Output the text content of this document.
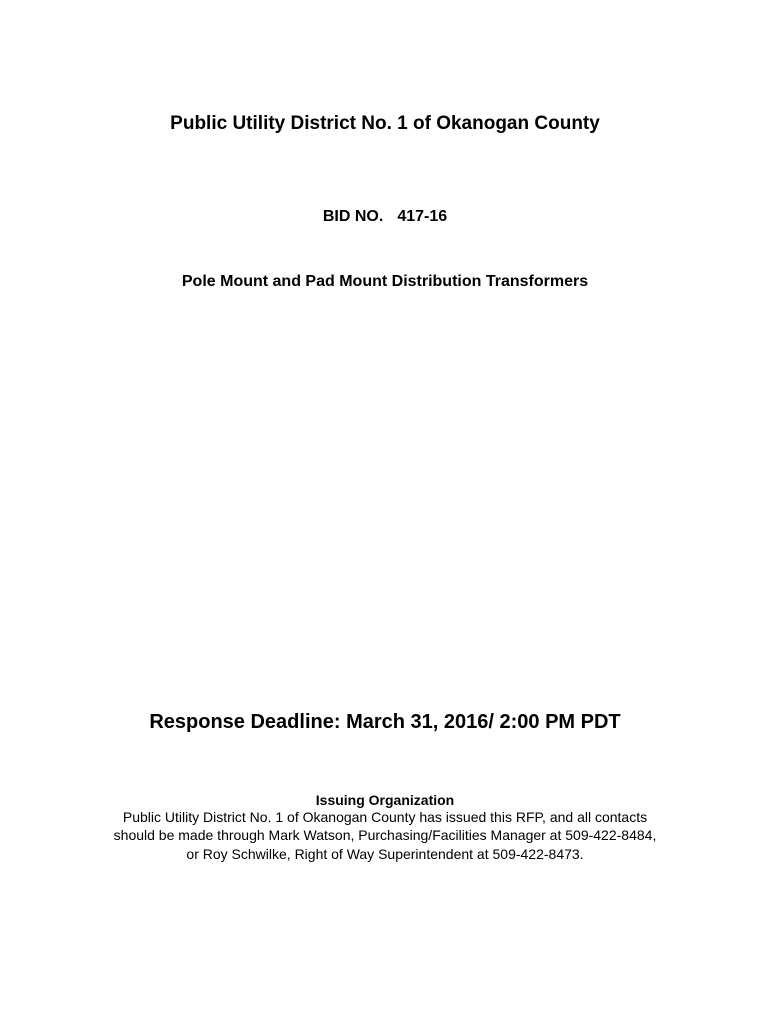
Public Utility District No. 1 of Okanogan County
BID NO. 417-16
Pole Mount and Pad Mount Distribution Transformers
Response Deadline: March 31, 2016/ 2:00 PM PDT
Issuing Organization
Public Utility District No. 1 of Okanogan County has issued this RFP, and all contacts
should be made through Mark Watson, Purchasing/Facilities Manager at 509-422-8484,
or Roy Schwilke, Right of Way Superintendent at 509-422-8473.
